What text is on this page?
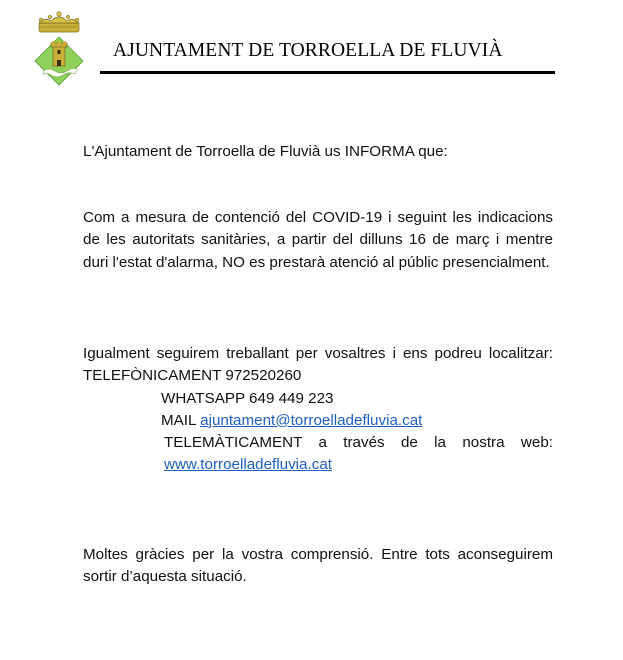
AJUNTAMENT DE TORROELLA DE FLUVIÀ
L'Ajuntament de Torroella de Fluvià us INFORMA que:
Com a mesura de contenció del COVID-19 i seguint les indicacions de les autoritats sanitàries, a partir del dilluns 16 de març i mentre duri l'estat d'alarma, NO es prestarà atenció al públic presencialment.
Igualment seguirem treballant per vosaltres i ens podreu localitzar: TELEFÒNICAMENT 972520260
WHATSAPP 649 449 223
MAIL ajuntament@torroelladefluvia.cat
TELEMÀTICAMENT a través de la nostra web:
www.torroelladefluvia.cat
Moltes gràcies per la vostra comprensió. Entre tots aconseguirem sortir d’aquesta situació.
